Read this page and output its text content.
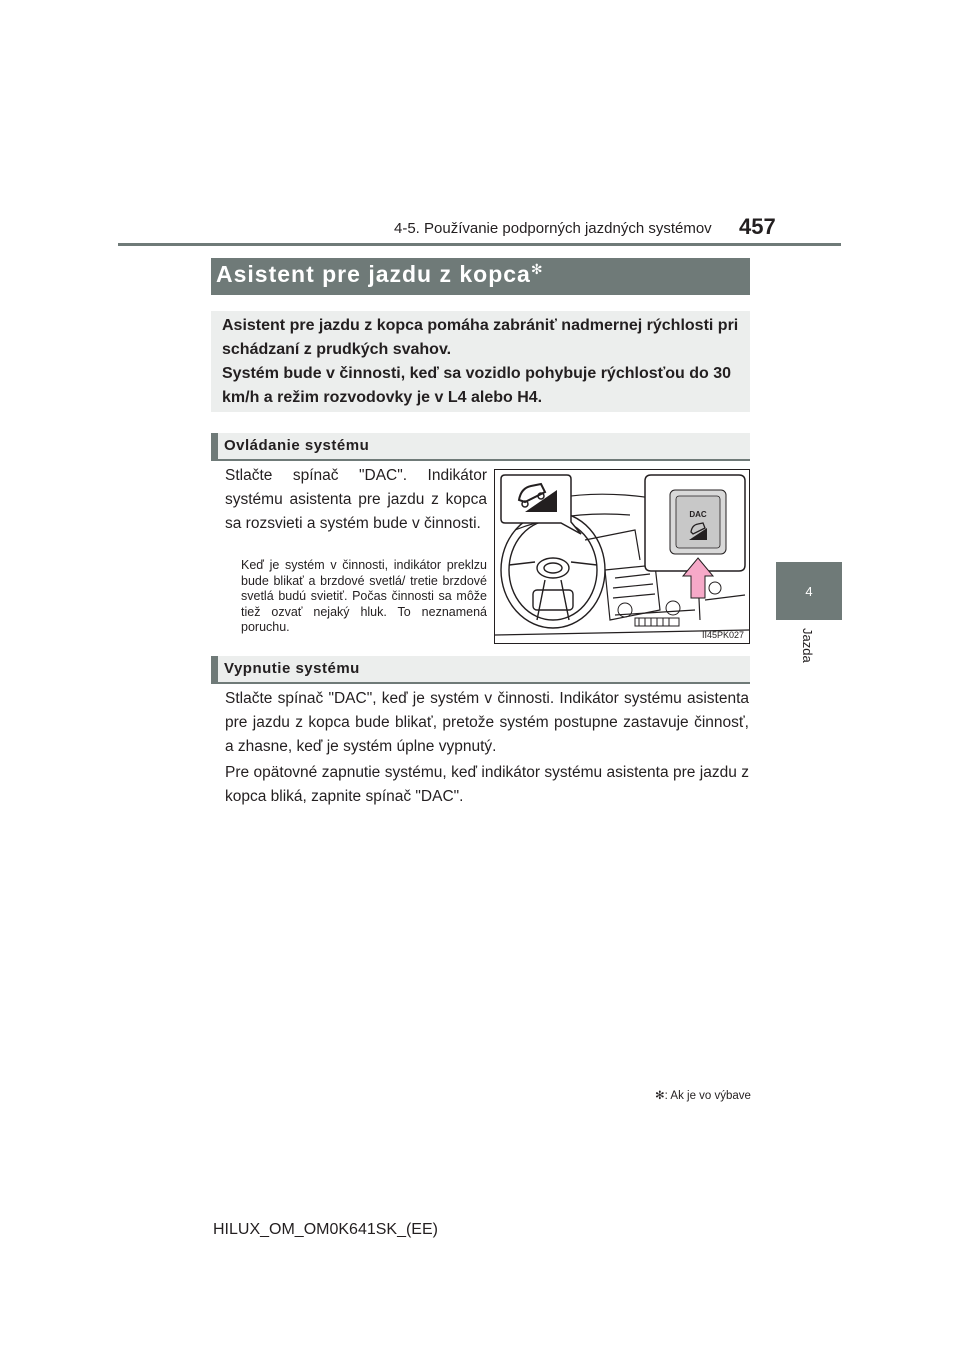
4-5. Používanie podporných jazdných systémov 457
4
Jazda
Asistent pre jazdu z kopca✻
Asistent pre jazdu z kopca pomáha zabrániť nadmernej rýchlosti pri schádzaní z prudkých svahov.
Systém bude v činnosti, keď sa vozidlo pohybuje rýchlosťou do 30 km/h a režim rozvodovky je v L4 alebo H4.
Ovládanie systému
Stlačte spínač "DAC". Indikátor systému asistenta pre jazdu z kopca sa rozsvieti a systém bude v činnosti.
Keď je systém v činnosti, indikátor preklzu bude blikať a brzdové svetlá/ tretie brzdové svetlá budú svietiť. Počas činnosti sa môže tiež ozvať nejaký hluk. To neznamená poruchu.
DAC
II45PK027
Vypnutie systému
Stlačte spínač "DAC", keď je systém v činnosti. Indikátor systému asistenta pre jazdu z kopca bude blikať, pretože systém postupne zastavuje činnosť, a zhasne, keď je systém úplne vypnutý.
Pre opätovné zapnutie systému, keď indikátor systému asistenta pre jazdu z kopca bliká, zapnite spínač "DAC".
✻: Ak je vo výbave
HILUX_OM_OM0K641SK_(EE)
